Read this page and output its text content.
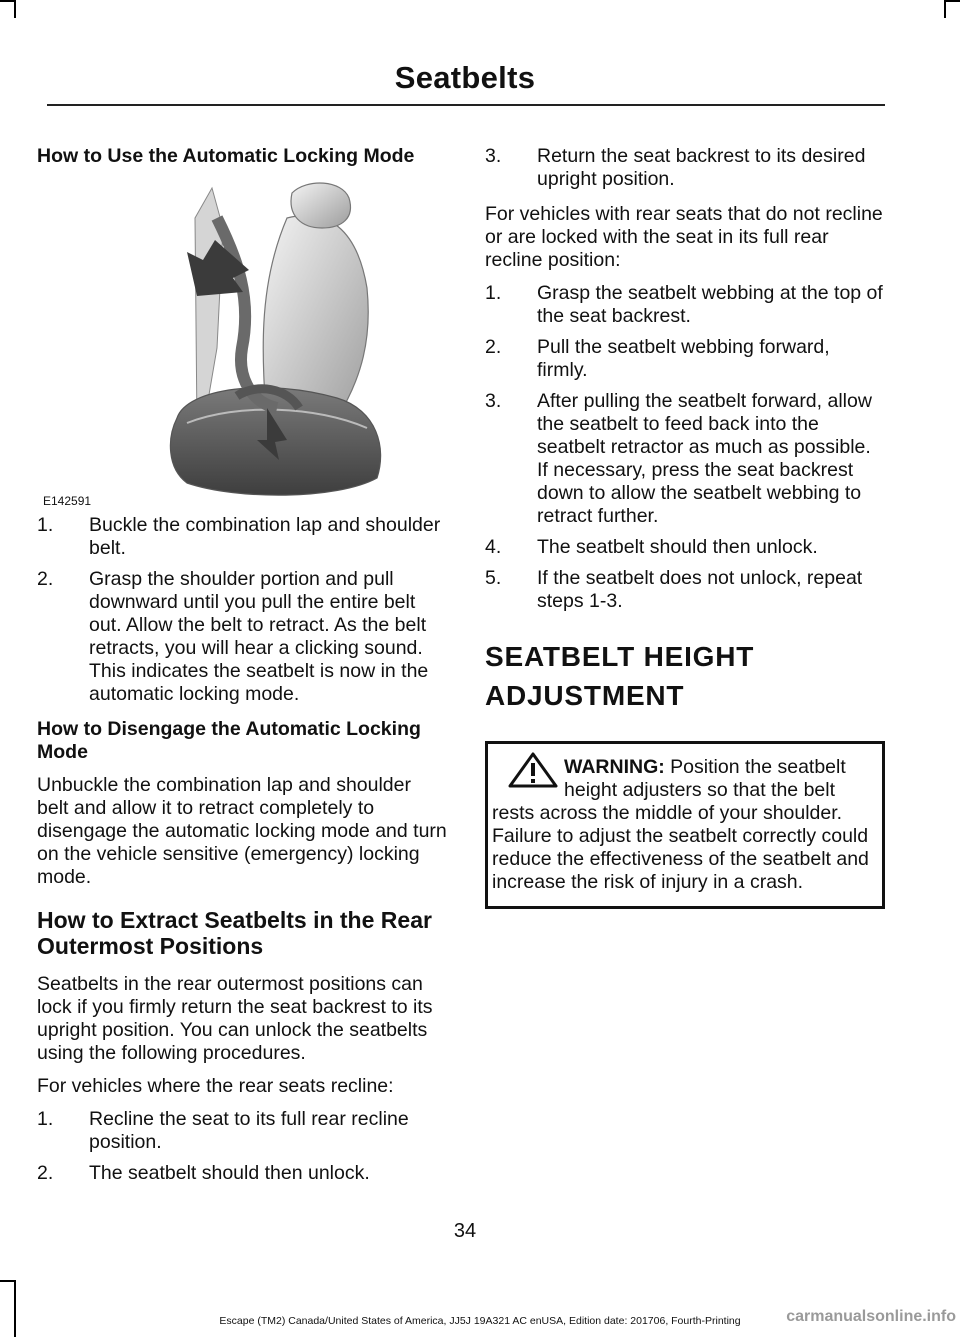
Seatbelts
How to Use the Automatic Locking Mode
E142591
1. Buckle the combination lap and shoulder belt.
2. Grasp the shoulder portion and pull downward until you pull the entire belt out. Allow the belt to retract. As the belt retracts, you will hear a clicking sound. This indicates the seatbelt is now in the automatic locking mode.
How to Disengage the Automatic Locking Mode

Unbuckle the combination lap and shoulder belt and allow it to retract completely to disengage the automatic locking mode and turn on the vehicle sensitive (emergency) locking mode.

How to Extract Seatbelts in the Rear Outermost Positions

Seatbelts in the rear outermost positions can lock if you firmly return the seat backrest to its upright position. You can unlock the seatbelts using the following procedures.

For vehicles where the rear seats recline:

1. Recline the seat to its full rear recline position.
2. The seatbelt should then unlock.
3. Return the seat backrest to its desired upright position.

For vehicles with rear seats that do not recline or are locked with the seat in its full rear recline position:

1. Grasp the seatbelt webbing at the top of the seat backrest.
2. Pull the seatbelt webbing forward, firmly.
3. After pulling the seatbelt forward, allow the seatbelt to feed back into the seatbelt retractor as much as possible. If necessary, press the seat backrest down to allow the seatbelt webbing to retract further.
4. The seatbelt should then unlock.
5. If the seatbelt does not unlock, repeat steps 1-3.
SEATBELT HEIGHT
ADJUSTMENT
WARNING: Position the seatbelt height adjusters so that the belt rests across the middle of your shoulder. Failure to adjust the seatbelt correctly could reduce the effectiveness of the seatbelt and increase the risk of injury in a crash.
34
Escape (TM2) Canada/United States of America, JJ5J 19A321 AC enUSA, Edition date: 201706, Fourth-Printing	carmanualsonline.info
